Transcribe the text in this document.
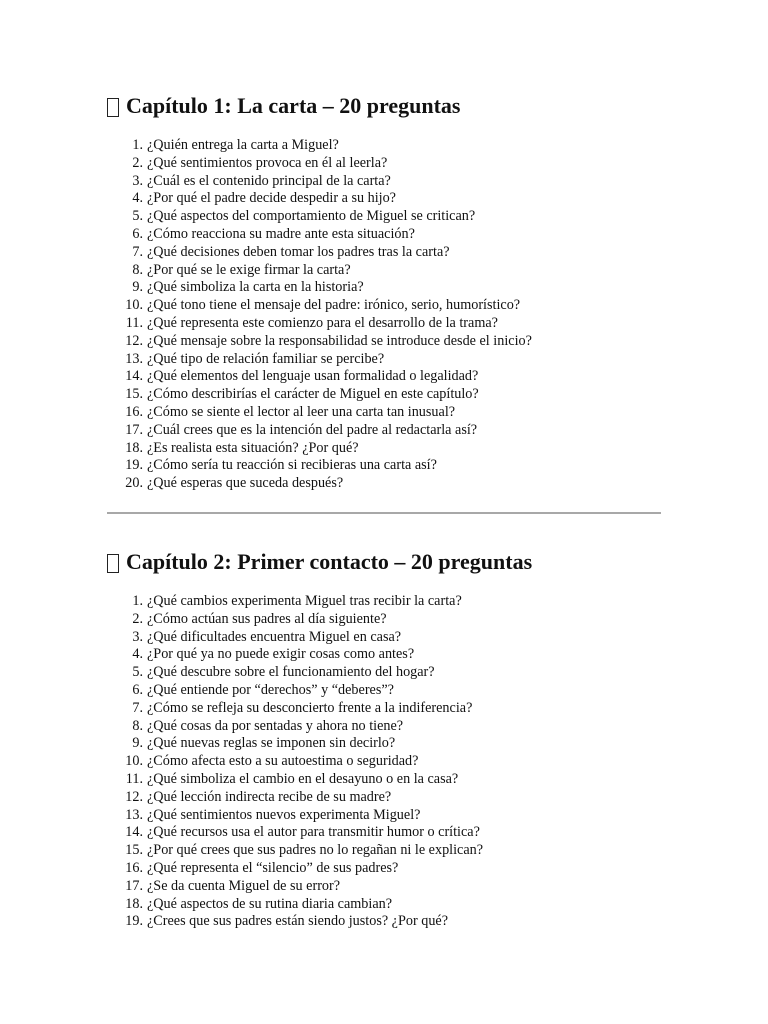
Capítulo 1: La carta – 20 preguntas
1. ¿Quién entrega la carta a Miguel?
2. ¿Qué sentimientos provoca en él al leerla?
3. ¿Cuál es el contenido principal de la carta?
4. ¿Por qué el padre decide despedir a su hijo?
5. ¿Qué aspectos del comportamiento de Miguel se critican?
6. ¿Cómo reacciona su madre ante esta situación?
7. ¿Qué decisiones deben tomar los padres tras la carta?
8. ¿Por qué se le exige firmar la carta?
9. ¿Qué simboliza la carta en la historia?
10. ¿Qué tono tiene el mensaje del padre: irónico, serio, humorístico?
11. ¿Qué representa este comienzo para el desarrollo de la trama?
12. ¿Qué mensaje sobre la responsabilidad se introduce desde el inicio?
13. ¿Qué tipo de relación familiar se percibe?
14. ¿Qué elementos del lenguaje usan formalidad o legalidad?
15. ¿Cómo describirías el carácter de Miguel en este capítulo?
16. ¿Cómo se siente el lector al leer una carta tan inusual?
17. ¿Cuál crees que es la intención del padre al redactarla así?
18. ¿Es realista esta situación? ¿Por qué?
19. ¿Cómo sería tu reacción si recibieras una carta así?
20. ¿Qué esperas que suceda después?
Capítulo 2: Primer contacto – 20 preguntas
1. ¿Qué cambios experimenta Miguel tras recibir la carta?
2. ¿Cómo actúan sus padres al día siguiente?
3. ¿Qué dificultades encuentra Miguel en casa?
4. ¿Por qué ya no puede exigir cosas como antes?
5. ¿Qué descubre sobre el funcionamiento del hogar?
6. ¿Qué entiende por “derechos” y “deberes”?
7. ¿Cómo se refleja su desconcierto frente a la indiferencia?
8. ¿Qué cosas da por sentadas y ahora no tiene?
9. ¿Qué nuevas reglas se imponen sin decirlo?
10. ¿Cómo afecta esto a su autoestima o seguridad?
11. ¿Qué simboliza el cambio en el desayuno o en la casa?
12. ¿Qué lección indirecta recibe de su madre?
13. ¿Qué sentimientos nuevos experimenta Miguel?
14. ¿Qué recursos usa el autor para transmitir humor o crítica?
15. ¿Por qué crees que sus padres no lo regañan ni le explican?
16. ¿Qué representa el “silencio” de sus padres?
17. ¿Se da cuenta Miguel de su error?
18. ¿Qué aspectos de su rutina diaria cambian?
19. ¿Crees que sus padres están siendo justos? ¿Por qué?
